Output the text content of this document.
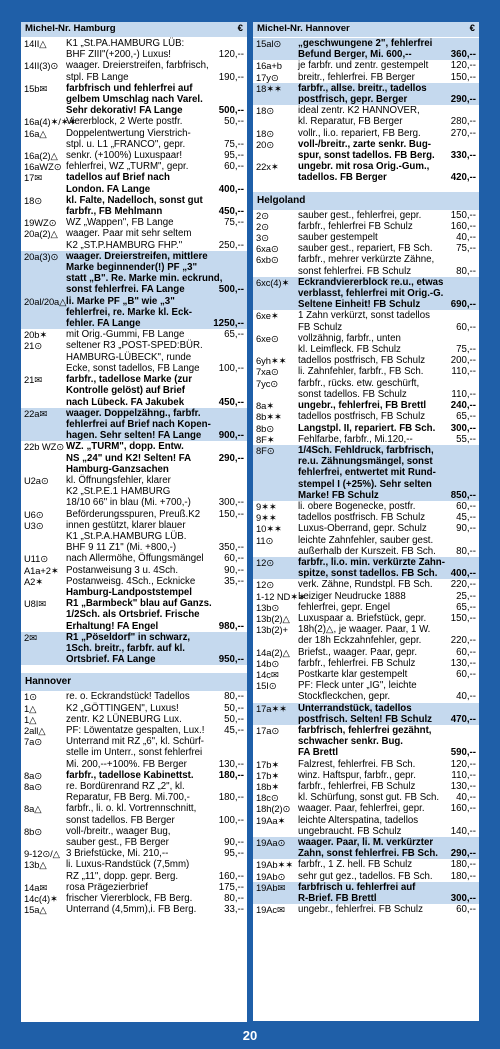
Michel-Nr. Hamburg	€
14II△	K1 „St.PA.HAMBURG LÜB:
BHF ZIII"(+200,-) Luxus!	120,--
14II(3)⊙ waager. Dreierstreifen, farbfrisch,
stpl. FB Lange	190,--
15b✉	farbfrisch und fehlerfrei auf
gelbem Umschlag nach Varel.
Sehr dekorativ! FA Lange	500,--
16a(4)✶/✶✶
Viererblock, 2 Werte postfr.	50,--
16a△	Doppelentwertung Vierstrich-
stpl. u. L1 „FRANCO", gepr.	75,--
16a(2)△ senkr. (+100%) Luxuspaar!	95,--
16aWZ⊙ fehlerfrei, WZ „TURM", gepr.	60,--
17✉	tadellos auf Brief nach
London. FA Lange	400,--
18⊙	kl. Falte, Nadelloch, sonst gut
farbfr., FB Mehlmann	450,--
19WZ⊙ WZ „Wappen", FB Lange	75,--
20a(2)△ waager. Paar mit sehr seltem
K2 „ST.P.HAMBURG FHP."	250,--
20a(3)⊙ waager. Dreierstreifen, mittlere
Marke beginnender(!) PF „3"
statt „B". Re. Marke min. eckrund,
sonst fehlerfrei. FA Lange	500,--
20al/20a△ li. Marke PF „B" wie „3"
fehlerfrei, re. Marke kl. Eck-
fehler. FA Lange	1250,--
20b✶	mit Orig.-Gummi, FB Lange	65,--
21⊙	seltener R3 „POST-SPED:BÜR.
HAMBURG-LÜBECK", runde
Ecke, sonst tadellos, FB Lange 100,--
21✉	farbfr., tadellose Marke (zur
Kontrolle gelöst) auf Brief
nach Lübeck. FA Jakubek	450,--
22a✉	waager. Doppelzähng., farbfr.
fehlerfrei auf Brief nach Kopen-
hagen. Sehr selten! FA Lange 900,--
22b WZ⊙ WZ. „TURM", dopp. Entw.
NS „24" und K2! Selten! FA	290,--
Hamburg-Ganzsachen
U2a⊙	kl. Öffnungsfehler, klarer
K2 „St.P.E.1 HAMBURG
18/10 66" in blau (Mi. +700,-)	300,--
U6⊙	Beförderungsspuren, Preuß.K2 150,--
U3⊙	innen gestützt, klarer blauer
K1 „St.P.A.HAMBURG LÜB.
BHF 9 11 Z1" (Mi. +800,-)	350,--
U11⊙	nach Allermöhe, Öffungsmängel 60,--
A1a+2✶ Postanweisung 3 u. 4Sch.	90,--
A2✶	Postanweisg. 4Sch., Ecknicke	35,--
Hamburg-Landpoststempel
U8I✉	R1 „Barmbeck" blau auf Ganzs.
1/2Sch. als Ortsbrief. Frische
Erhaltung! FA Engel	980,--
2✉	R1 „Pöseldorf" in schwarz,
1Sch. breitr., farbfr. auf kl.
Ortsbrief. FA Lange	950,--
Hannover
1⊙	re. o. Eckrandstück! Tadellos	80,--
1△	K2 „GÖTTINGEN", Luxus!	50,--
1△	zentr. K2 LÜNEBURG Lux.	50,--
2all△	PF: Löwentatze gespalten, Lux.! 45,--
7a⊙	Unterrand mit RZ „6", kl. Schürf-
stelle im Unterr., sonst fehlerfrei
Mi. 200,--+100%. FB Berger	130,--
8a⊙	farbfr., tadellose Kabinettst.	180,--
8a⊙	re. Bordürenrand RZ „2", kl.
Reparatur, FB Berg. Mi.700,-	180,--
8a△	farbfr., li. o. kl. Vortrennschnitt,
sonst tadellos. FB Berger	100,--
8b⊙	voll-/breitr., waager Bug,
sauber gest., FB Berger	90,--
9-12⊙/△ 3 Briefstücke, Mi. 210,--	95,--
13b△	li. Luxus-Randstück (7,5mm)
RZ „11", dopp. gepr. Berg.	160,--
14a✉	rosa Prägezierbrief	175,--
14c(4)✶ frischer Viererblock, FB Berg.	80,--
15a△	Unterrand (4,5mm),i. FB Berg.	33,--
Michel-Nr. Hannover	€
15al⊙	„geschwungene 2", fehlerfrei
Befund Berger, Mi. 600,--	360,--
16a+b	je farbfr. und zentr. gestempelt 120,--
17y⊙	breitr., fehlerfrei. FB Berger	150,--
18✶✶	farbfr., allse. breitr., tadellos
postfrisch, gepr. Berger	290,--
18⊙	ideal zentr. K2 HANNOVER,
kl. Reparatur, FB Berger	280,--
18⊙	vollr., li.o. repariert, FB Berg.	270,--
20⊙	voll-/breitr., zarte senkr. Bug-
spur, sonst tadellos. FB Berg. 330,--
22x✶	ungebr. mit rosa Orig.-Gum.,
tadellos. FB Berger	420,--
Helgoland
2⊙	sauber gest., fehlerfrei, gepr.	150,--
2⊙	farbfr., fehlerfrei FB Schulz	160,--
3⊙	sauber gestempelt	40,--
6xa⊙	sauber gest., repariert, FB Sch. 75,--
6xb⊙	farbfr., mehrer verkürzte Zähne,
sonst fehlerfrei. FB Schulz	80,--
6xc(4)✶ Eckrandviererblock re.u., etwas
verblasst, fehlerfrei mit Orig.-G.
Seltene Einheit! FB Schulz	690,--
6xe✶	1 Zahn verkürzt, sonst tadellos
FB Schulz	60,--
6xe⊙	vollzähnig, farbfr., unten
kl. Leimfleck. FB Schulz	75,--
6yh✶✶	tadellos postfrisch, FB Schulz	200,--
7xa⊙	li. Zahnfehler, farbfr., FB Sch.	110,--
7yc⊙	farbfr., rücks. etw. geschürft,
sonst tadellos. FB Schulz	110,--
8a✶	ungebr., fehlerfrei, FB Brettl	240,--
8b✶✶	tadellos postfrisch, FB Schulz	65,--
8b⊙	Langstpl. II, repariert. FB Sch. 300,--
8F✶	Fehlfarbe, farbfr., Mi.120,--	55,--
8F⊙	1/4Sch. Fehldruck, farbfrisch,
re.u. Zähnungsmängel, sonst
fehlerfrei, entwertet mit Rund-
stempel I (+25%). Sehr selten
Marke! FB Schulz	850,--
9✶✶	li. obere Bogenecke, postfr.	60,--
9✶✶	tadellos postfrisch. FB Schulz	45,--
10✶✶	Luxus-Oberrand, gepr. Schulz	90,--
11⊙	leichte Zahnfehler, sauber gest.
außerhalb der Kurszeit. FB Sch. 80,--
12⊙	farbfr., li.o. min. verkürzte Zahn-
spitze, sonst tadellos. FB Sch. 400,--
12⊙	verk. Zähne, Rundstpl. FB Sch. 220,--
1-12 ND✶✶
Leiziger Neudrucke 1888	25,--
13b⊙	fehlerfrei, gepr. Engel	65,--
13b(2)△ Luxuspaar a. Briefstück, gepr.	150,--
13b(2)+	18h(2)△, je waager. Paar, 1 W.
der 18h Eckzahnfehler, gepr.	220,--
14a(2)△ Briefst., waager. Paar, gepr.	60,--
14b⊙	farbfr., fehlerfrei. FB Schulz	130,--
14c✉	Postkarte klar gestempelt	60,--
15I⊙	PF: Fleck unter „IG", leichte
Stockfleckchen, gepr.	40,--
17a✶✶	Unterrandstück, tadellos
postfrisch. Selten! FB Schulz 470,--
17a⊙	farbfrisch, fehlerfrei gezähnt,
schwacher senkr. Bug.
FA Brettl	590,--
17b✶	Falzrest, fehlerfrei. FB Sch.	120,--
17b✶	winz. Haftspur, farbfr., gepr.	110,--
18b✶	farbfr., fehlerfrei, FB Schulz	130,--
18c⊙	kl. Schürfung, sonst gut. FB Sch. 40,--
18h(2)⊙ waager. Paar, fehlerfrei, gepr.	160,--
19Aa✶	leichte Alterspatina, tadellos
ungebraucht. FB Schulz	140,--
19Aa⊙	waager. Paar, li. M. verkürzter
Zahn, sonst fehlerfrei. FB Sch. 290,--
19Ab✶✶ farbfr., 1 Z. hell. FB Schulz	180,--
19Ab⊙	sehr gut gez., tadellos. FB Sch. 180,--
19Ab✉	farbfrisch u. fehlerfrei auf
R-Brief. FB Brettl	300,--
19Ac✉	ungebr., fehlerfrei. FB Schulz	60,--
20
